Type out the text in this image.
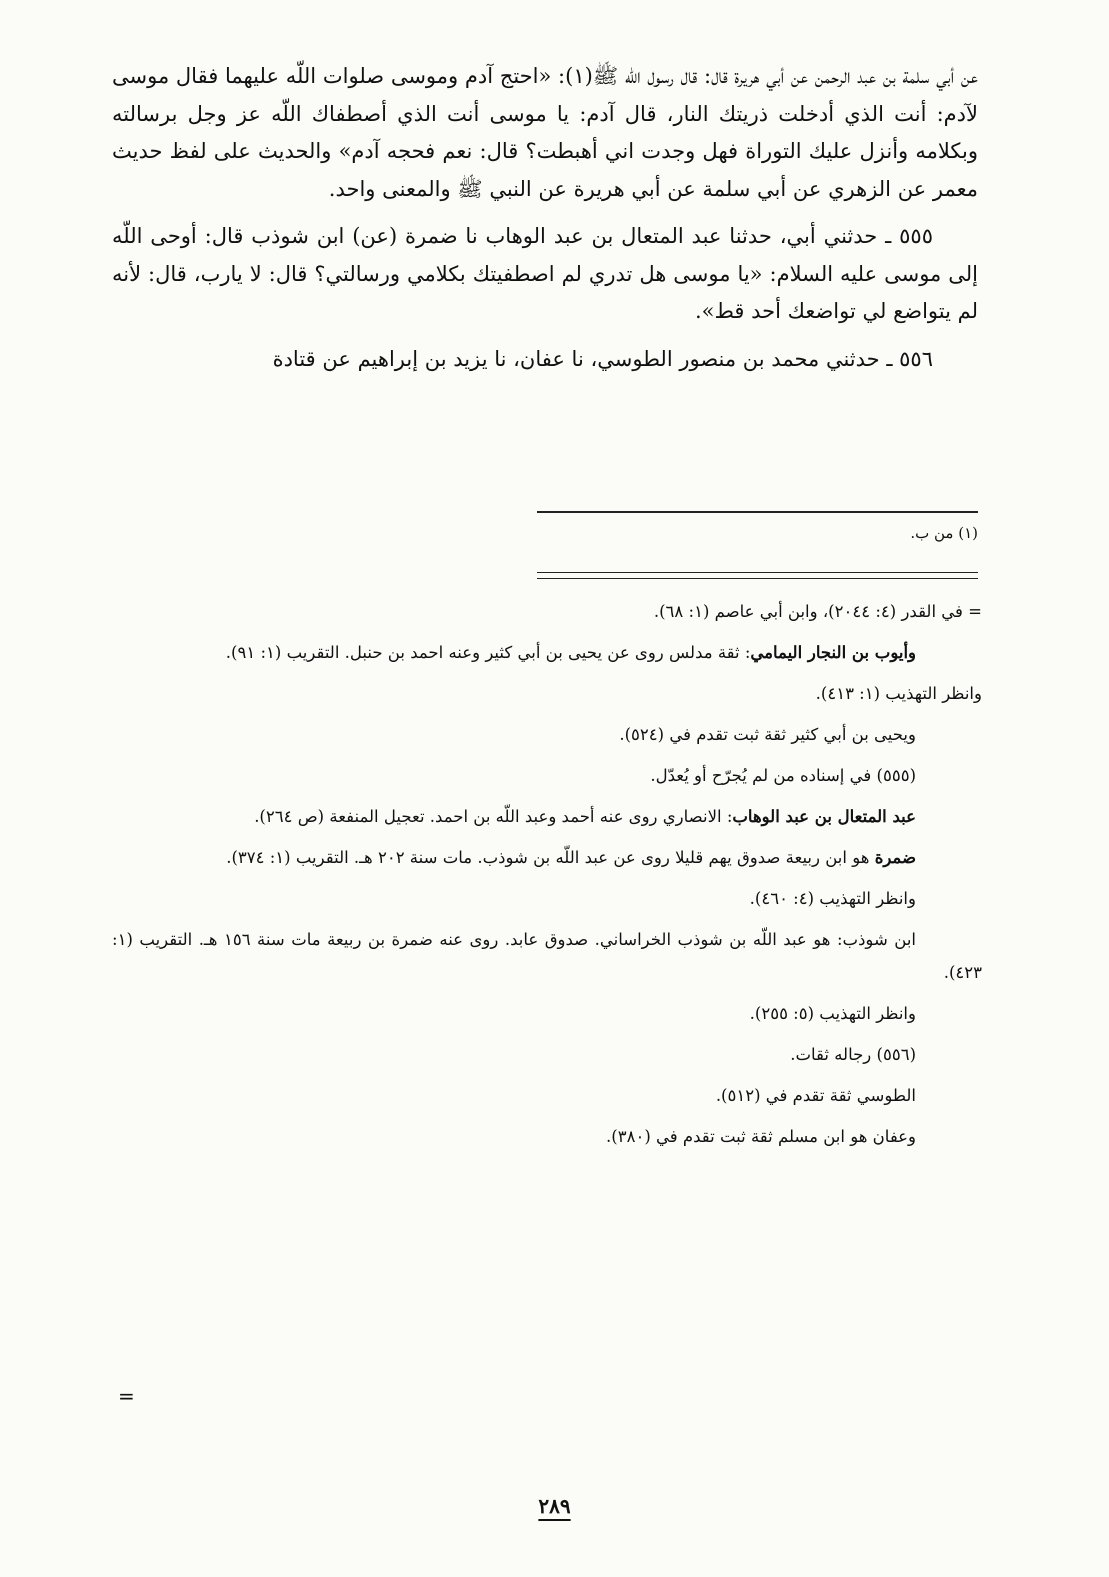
عن أبي سلمة بن عبد الرحمن عن أبي هريرة قال: قال رسول اللّه ﷺ(١): «احتج آدم وموسى صلوات اللّه عليهما فقال موسى لآدم: أنت الذي أدخلت ذريتك النار، قال آدم: يا موسى أنت الذي أصطفاك اللّه عز وجل برسالته وبكلامه وأنزل عليك التوراة فهل وجدت اني أهبطت؟ قال: نعم فحجه آدم» والحديث على لفظ حديث معمر عن الزهري عن أبي سلمة عن أبي هريرة عن النبي ﷺ والمعنى واحد.

٥٥٥ ـ حدثني أبي، حدثنا عبد المتعال بن عبد الوهاب نا ضمرة (عن) ابن شوذب قال: أوحى اللّه إلى موسى عليه السلام: «يا موسى هل تدري لم اصطفيتك بكلامي ورسالتي؟ قال: لا يارب، قال: لأنه لم يتواضع لي تواضعك أحد قط».

٥٥٦ ـ حدثني محمد بن منصور الطوسي، نا عفان، نا يزيد بن إبراهيم عن قتادة

(١) من ب.

= في القدر (٤: ٢٠٤٤)، وابن أبي عاصم (١: ٦٨).

وأيوب بن النجار اليمامي: ثقة مدلس روى عن يحيى بن أبي كثير وعنه احمد بن حنبل. التقريب (١: ٩١).

وانظر التهذيب (١: ٤١٣).

ويحيى بن أبي كثير ثقة ثبت تقدم في (٥٢٤).

(٥٥٥) في إسناده من لم يُجرّح أو يُعدّل.

عبد المتعال بن عبد الوهاب: الانصاري روى عنه أحمد وعبد اللّه بن احمد. تعجيل المنفعة (ص ٢٦٤).

ضمرة هو ابن ربيعة صدوق يهم قليلا روى عن عبد اللّه بن شوذب. مات سنة ٢٠٢ هـ. التقريب (١: ٣٧٤).

وانظر التهذيب (٤: ٤٦٠).

ابن شوذب: هو عبد اللّه بن شوذب الخراساني. صدوق عابد. روى عنه ضمرة بن ربيعة مات سنة ١٥٦ هـ. التقريب (١: ٤٢٣).

وانظر التهذيب (٥: ٢٥٥).

(٥٥٦) رجاله ثقات.

الطوسي ثقة تقدم في (٥١٢).

وعفان هو ابن مسلم ثقة ثبت تقدم في (٣٨٠).

=
٢٨٩
